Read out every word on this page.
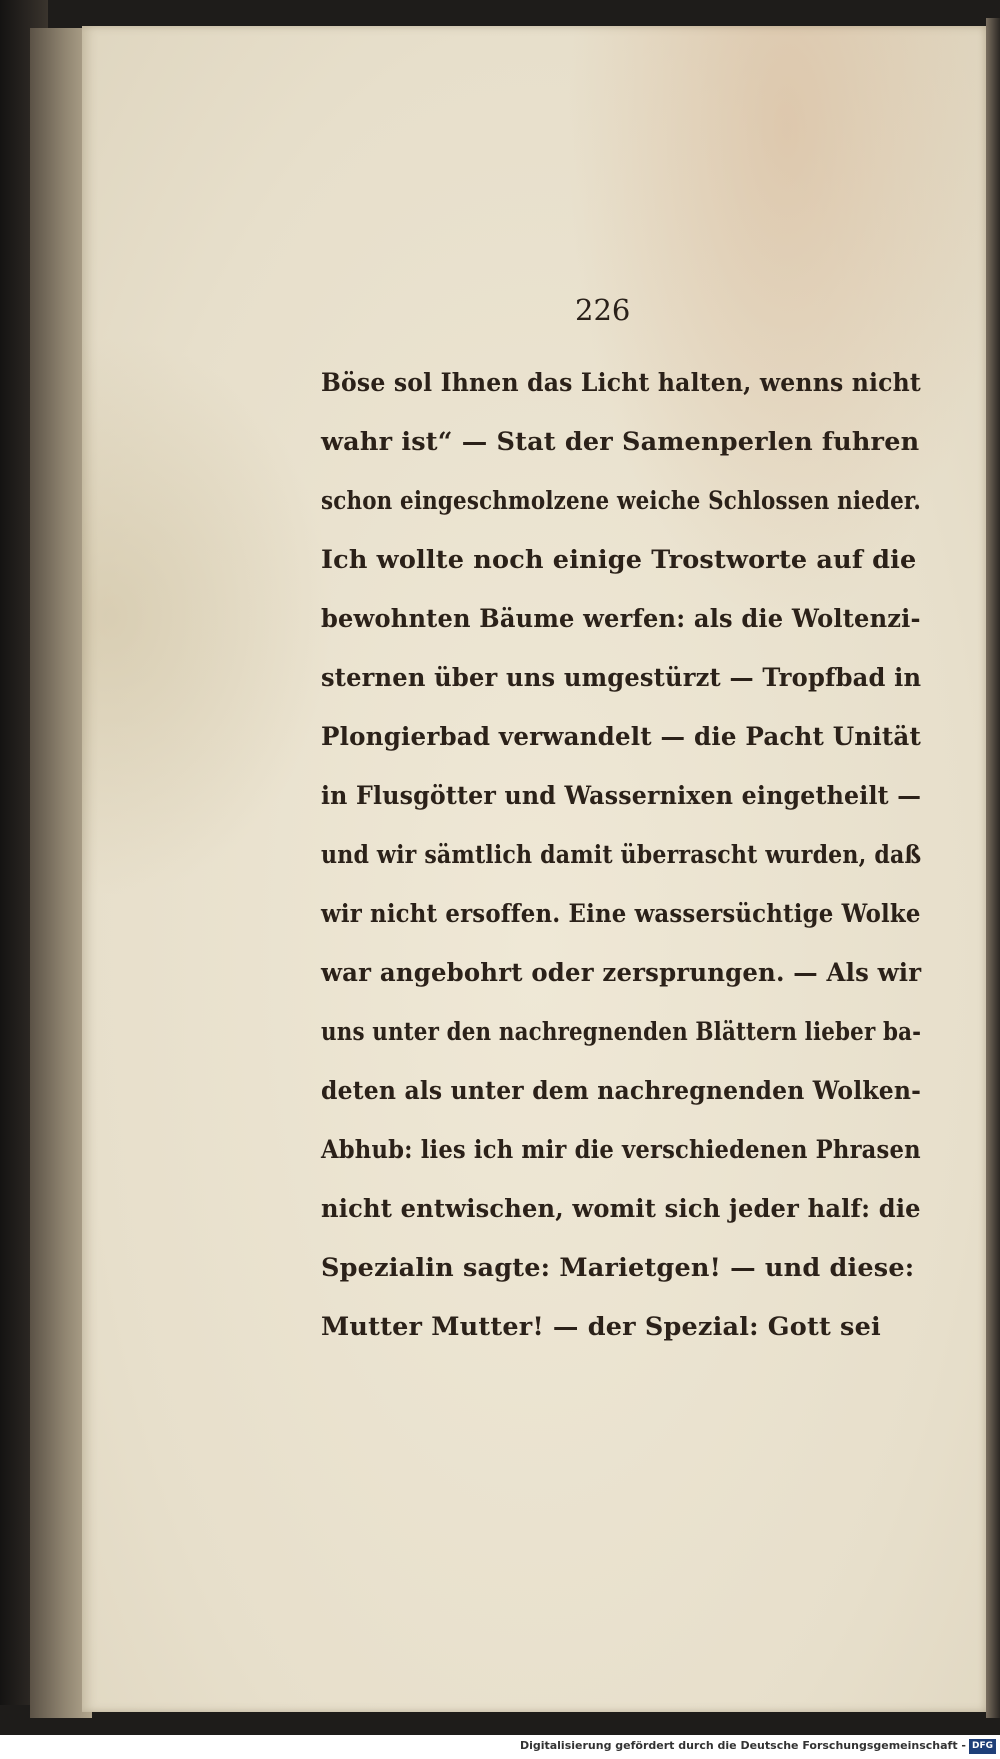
226
Böse sol Ihnen das Licht halten, wenns nicht
wahr ist“ — Stat der Samenperlen fuhren
schon eingeschmolzene weiche Schlossen nieder.
Ich wollte noch einige Trostworte auf die
bewohnten Bäume werfen: als die Woltenzi-
sternen über uns umgestürzt — Tropfbad in
Plongierbad verwandelt — die Pacht Unität
in Flusgötter und Wassernixen eingetheilt —
und wir sämtlich damit überrascht wurden, daß
wir nicht ersoffen. Eine wassersüchtige Wolke
war angebohrt oder zersprungen. — Als wir
uns unter den nachregnenden Blättern lieber ba-
deten als unter dem nachregnenden Wolken-
Abhub: lies ich mir die verschiedenen Phrasen
nicht entwischen, womit sich jeder half: die
Spezialin sagte: Marietgen! — und diese:
Mutter Mutter! — der Spezial: Gott sei
Digitalisierung gefördert durch die Deutsche Forschungsgemeinschaft - DFG
